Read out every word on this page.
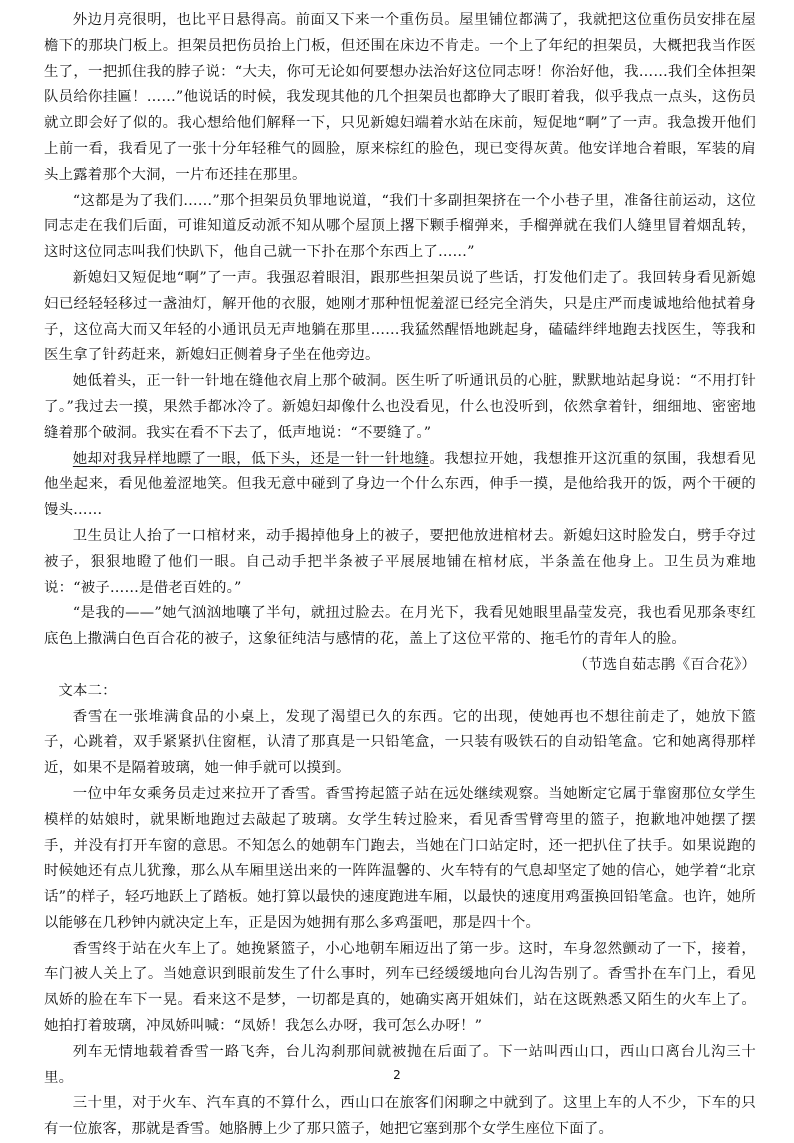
外边月亮很明，也比平日悬得高。前面又下来一个重伤员。屋里铺位都满了，我就把这位重伤员安排在屋檐下的那块门板上。担架员把伤员抬上门板，但还围在床边不肯走。一个上了年纪的担架员，大概把我当作医生了，一把抓住我的脖子说：“大夫，你可无论如何要想办法治好这位同志呀！你治好他，我……我们全体担架队员给你挂匾！……”他说话的时候，我发现其他的几个担架员也都睁大了眼盯着我，似乎我点一点头，这伤员就立即会好了似的。我心想给他们解释一下，只见新媳妇端着水站在床前，短促地“啊”了一声。我急拨开他们上前一看，我看见了一张十分年轻稚气的圆脸，原来棕红的脸色，现已变得灰黄。他安详地合着眼，军装的肩头上露着那个大洞，一片布还挂在那里。

“这都是为了我们……”那个担架员负罪地说道，“我们十多副担架挤在一个小巷子里，准备往前运动，这位同志走在我们后面，可谁知道反动派不知从哪个屋顶上撂下颗手榴弹来，手榴弹就在我们人缝里冒着烟乱转，这时这位同志叫我们快趴下，他自己就一下扑在那个东西上了……”

新媳妇又短促地“啊”了一声。我强忍着眼泪，跟那些担架员说了些话，打发他们走了。我回转身看见新媳妇已经轻轻移过一盏油灯，解开他的衣服，她刚才那种忸怩羞涩已经完全消失，只是庄严而虔诚地给他拭着身子，这位高大而又年轻的小通讯员无声地躺在那里……我猛然醒悟地跳起身，磕磕绊绊地跑去找医生，等我和医生拿了针药赶来，新媳妇正侧着身子坐在他旁边。

她低着头，正一针一针地在缝他衣肩上那个破洞。医生听了听通讯员的心脏，默默地站起身说：“不用打针了。”我过去一摸，果然手都冰冷了。新媳妇却像什么也没看见，什么也没听到，依然拿着针，细细地、密密地缝着那个破洞。我实在看不下去了，低声地说：“不要缝了。”

她却对我异样地瞟了一眼，低下头，还是一针一针地缝。我想拉开她，我想推开这沉重的氛围，我想看见他坐起来，看见他羞涩地笑。但我无意中碰到了身边一个什么东西，伸手一摸，是他给我开的饭，两个干硬的馒头……

卫生员让人抬了一口棺材来，动手揭掉他身上的被子，要把他放进棺材去。新媳妇这时脸发白，劈手夺过被子，狠狠地瞪了他们一眼。自己动手把半条被子平展展地铺在棺材底，半条盖在他身上。卫生员为难地说：“被子……是借老百姓的。”

“是我的——”她气汹汹地嚷了半句，就扭过脸去。在月光下，我看见她眼里晶莹发亮，我也看见那条枣红底色上撒满白色百合花的被子，这象征纯洁与感情的花，盖上了这位平常的、拖毛竹的青年人的脸。

（节选自茹志鹃《百合花》）

文本二：

香雪在一张堆满食品的小桌上，发现了渴望已久的东西。它的出现，使她再也不想往前走了，她放下篮子，心跳着，双手紧紧扒住窗框，认清了那真是一只铅笔盒，一只装有吸铁石的自动铅笔盒。它和她离得那样近，如果不是隔着玻璃，她一伸手就可以摸到。

一位中年女乘务员走过来拉开了香雪。香雪挎起篮子站在远处继续观察。当她断定它属于靠窗那位女学生模样的姑娘时，就果断地跑过去敲起了玻璃。女学生转过脸来，看见香雪臂弯里的篮子，抱歉地冲她摆了摆手，并没有打开车窗的意思。不知怎么的她朝车门跑去，当她在门口站定时，还一把扒住了扶手。如果说跑的时候她还有点儿犹豫，那么从车厢里送出来的一阵阵温馨的、火车特有的气息却坚定了她的信心，她学着“北京话”的样子，轻巧地跃上了踏板。她打算以最快的速度跑进车厢，以最快的速度用鸡蛋换回铅笔盒。也许，她所以能够在几秒钟内就决定上车，正是因为她拥有那么多鸡蛋吧，那是四十个。

香雪终于站在火车上了。她挽紧篮子，小心地朝车厢迈出了第一步。这时，车身忽然颤动了一下，接着，车门被人关上了。当她意识到眼前发生了什么事时，列车已经缓缓地向台儿沟告别了。香雪扑在车门上，看见凤娇的脸在车下一晃。看来这不是梦，一切都是真的，她确实离开姐妹们，站在这既熟悉又陌生的火车上了。她拍打着玻璃，冲凤娇叫喊：“凤娇！我怎么办呀，我可怎么办呀！”

列车无情地载着香雪一路飞奔，台儿沟刹那间就被抛在后面了。下一站叫西山口，西山口离台儿沟三十里。

三十里，对于火车、汽车真的不算什么，西山口在旅客们闲聊之中就到了。这里上车的人不少，下车的只有一位旅客，那就是香雪。她胳膊上少了那只篮子，她把它塞到那个女学生座位下面了。

2
